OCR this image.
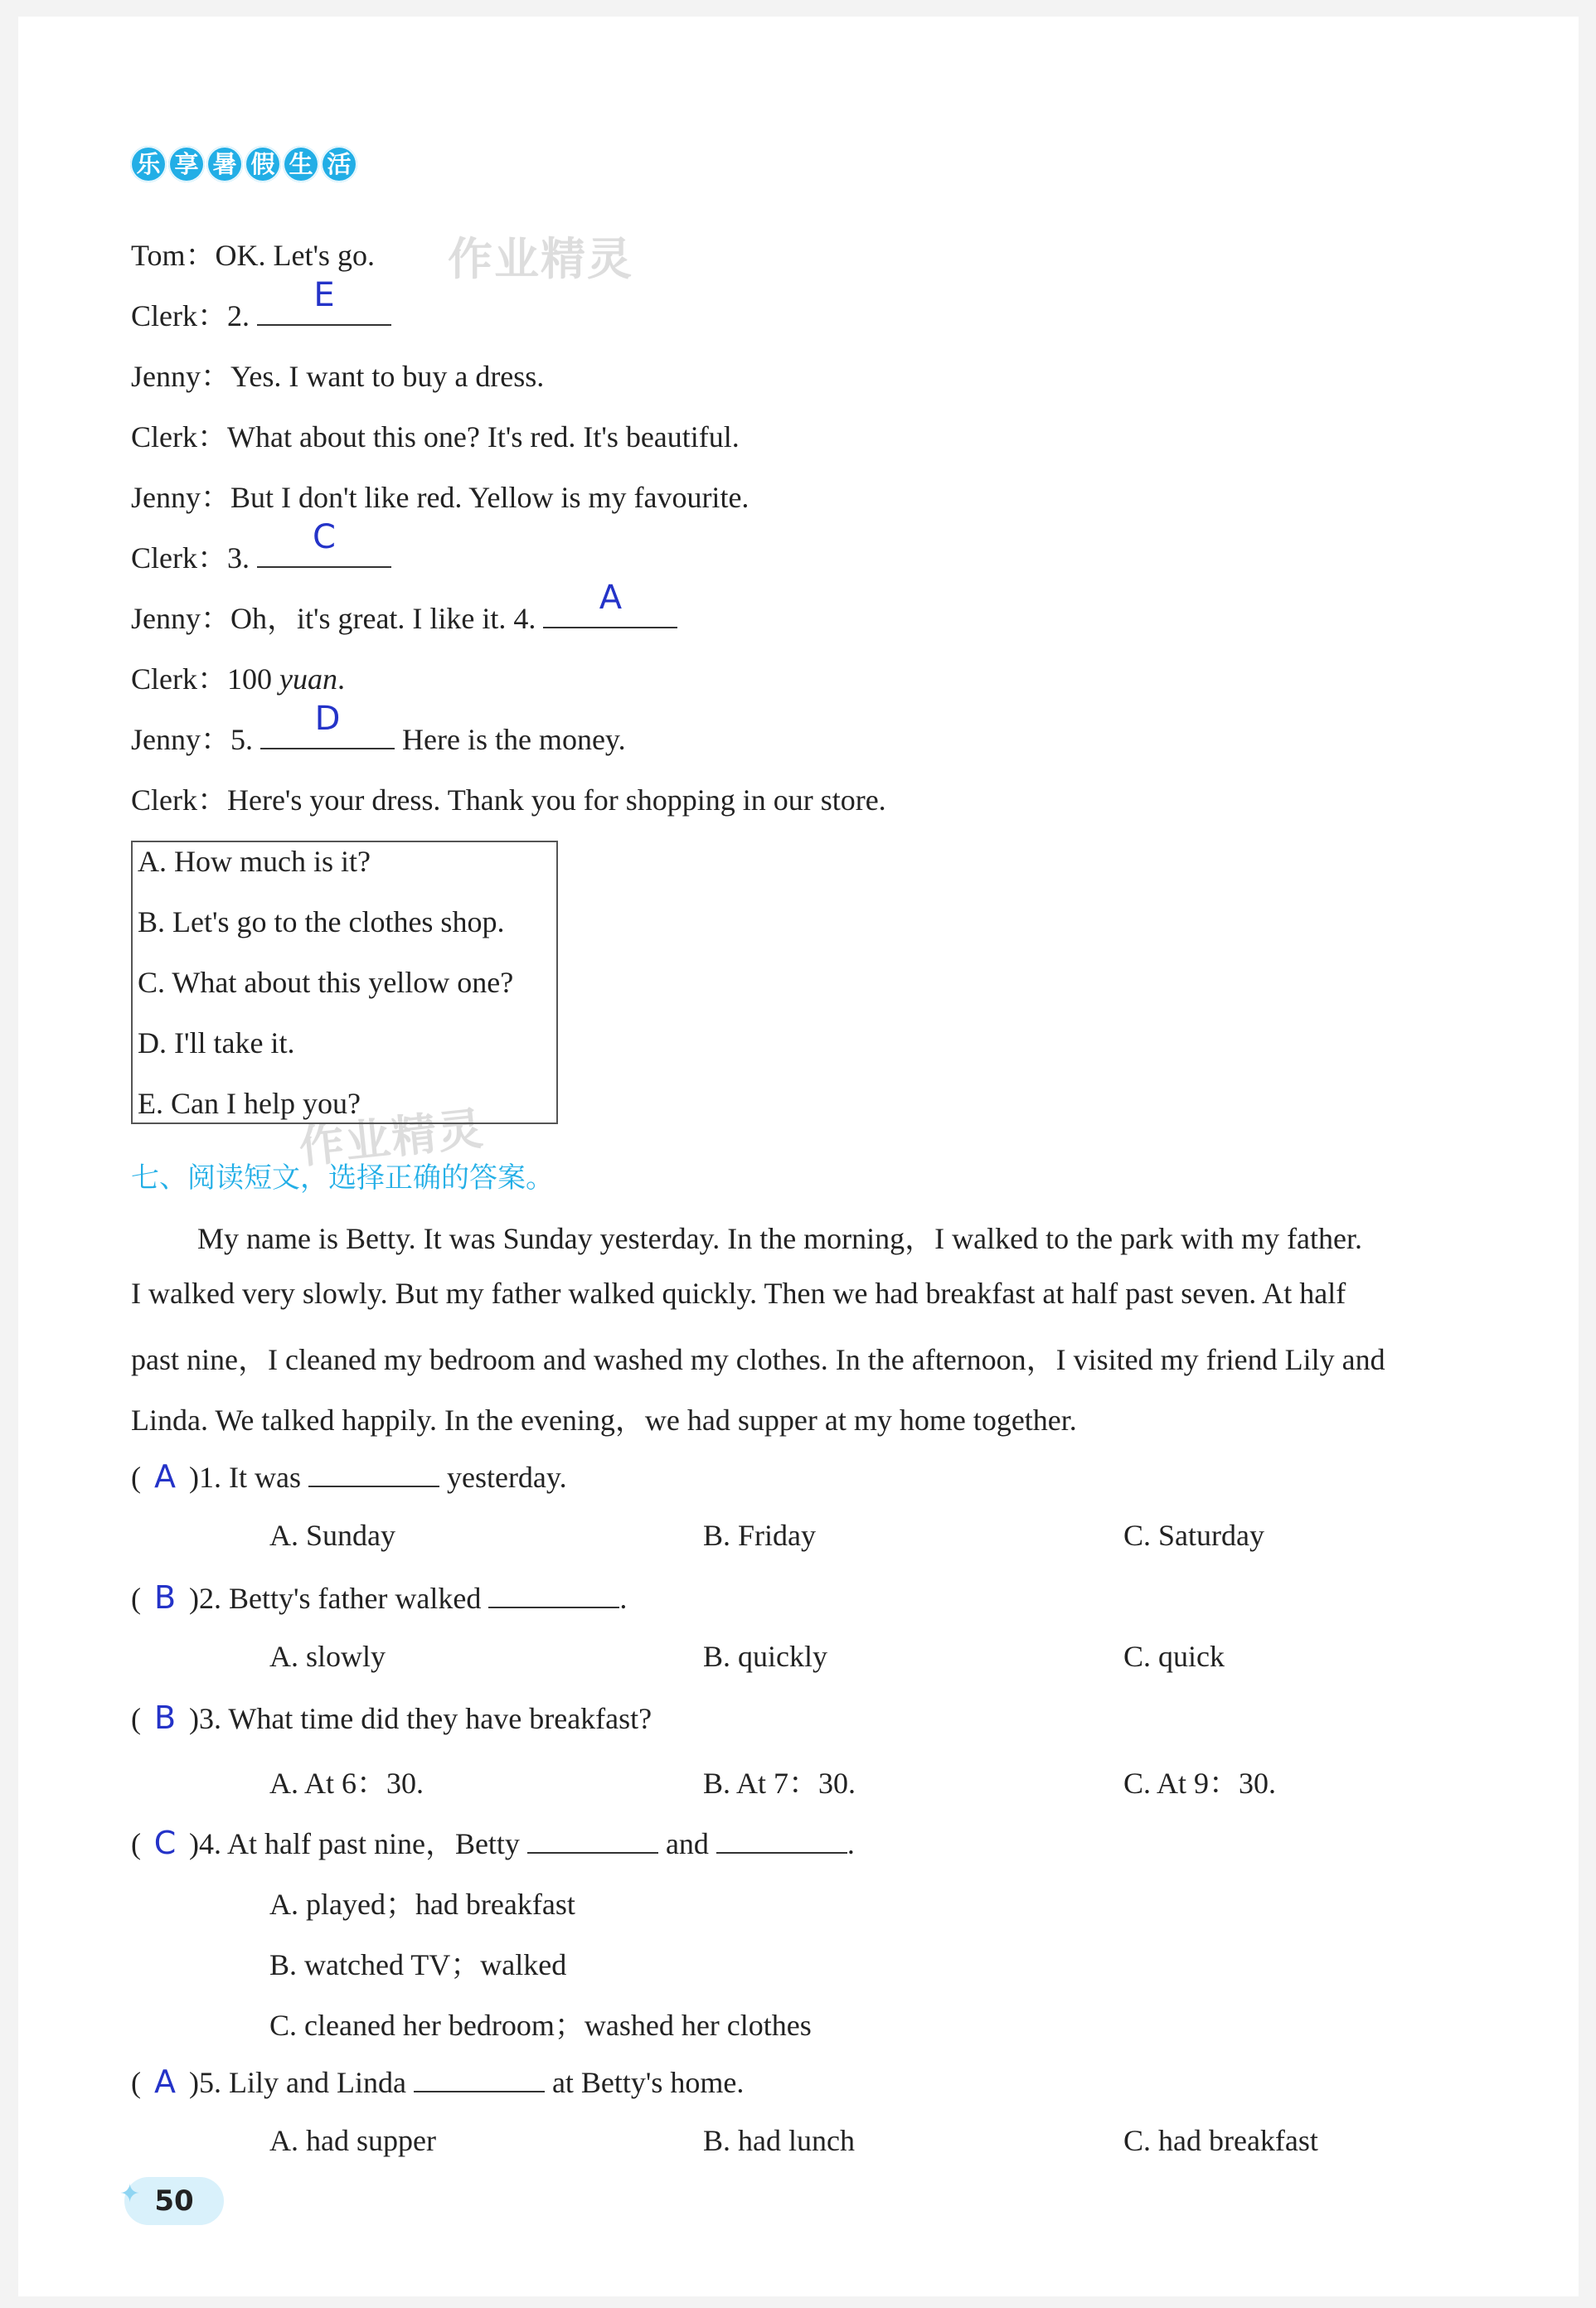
乐 享 暑 假 生 活
作业精灵
作业精灵
Tom：OK. Let's go.
Clerk：2.
E
Jenny：Yes. I want to buy a dress.
Clerk：What about this one? It's red. It's beautiful.
Jenny：But I don't like red. Yellow is my favourite.
Clerk：3.
C
Jenny：Oh，it's great. I like it. 4.
A
Clerk：100 yuan.
Jenny：5.
D
Here is the money.
Clerk：Here's your dress. Thank you for shopping in our store.
A. How much is it?
B. Let's go to the clothes shop.
C. What about this yellow one?
D. I'll take it.
E. Can I help you?
七、阅读短文，选择正确的答案。
My name is Betty. It was Sunday yesterday. In the morning，I walked to the park with my father.
I walked very slowly. But my father walked quickly. Then we had breakfast at half past seven. At half
past nine，I cleaned my bedroom and washed my clothes. In the afternoon，I visited my friend Lily and
Linda. We talked happily. In the evening，we had supper at my home together.
( A )1. It was	yesterday.
A. Sunday	B. Friday	C. Saturday
( B )2. Betty's father walked	.
A. slowly	B. quickly	C. quick
( B )3. What time did they have breakfast?
A. At 6：30.	B. At 7：30.	C. At 9：30.
( C )4. At half past nine，Betty	and	.
A. played；had breakfast
B. watched TV；walked
C. cleaned her bedroom；washed her clothes
( A )5. Lily and Linda	at Betty's home.
A. had supper	B. had lunch	C. had breakfast
✦ 50
